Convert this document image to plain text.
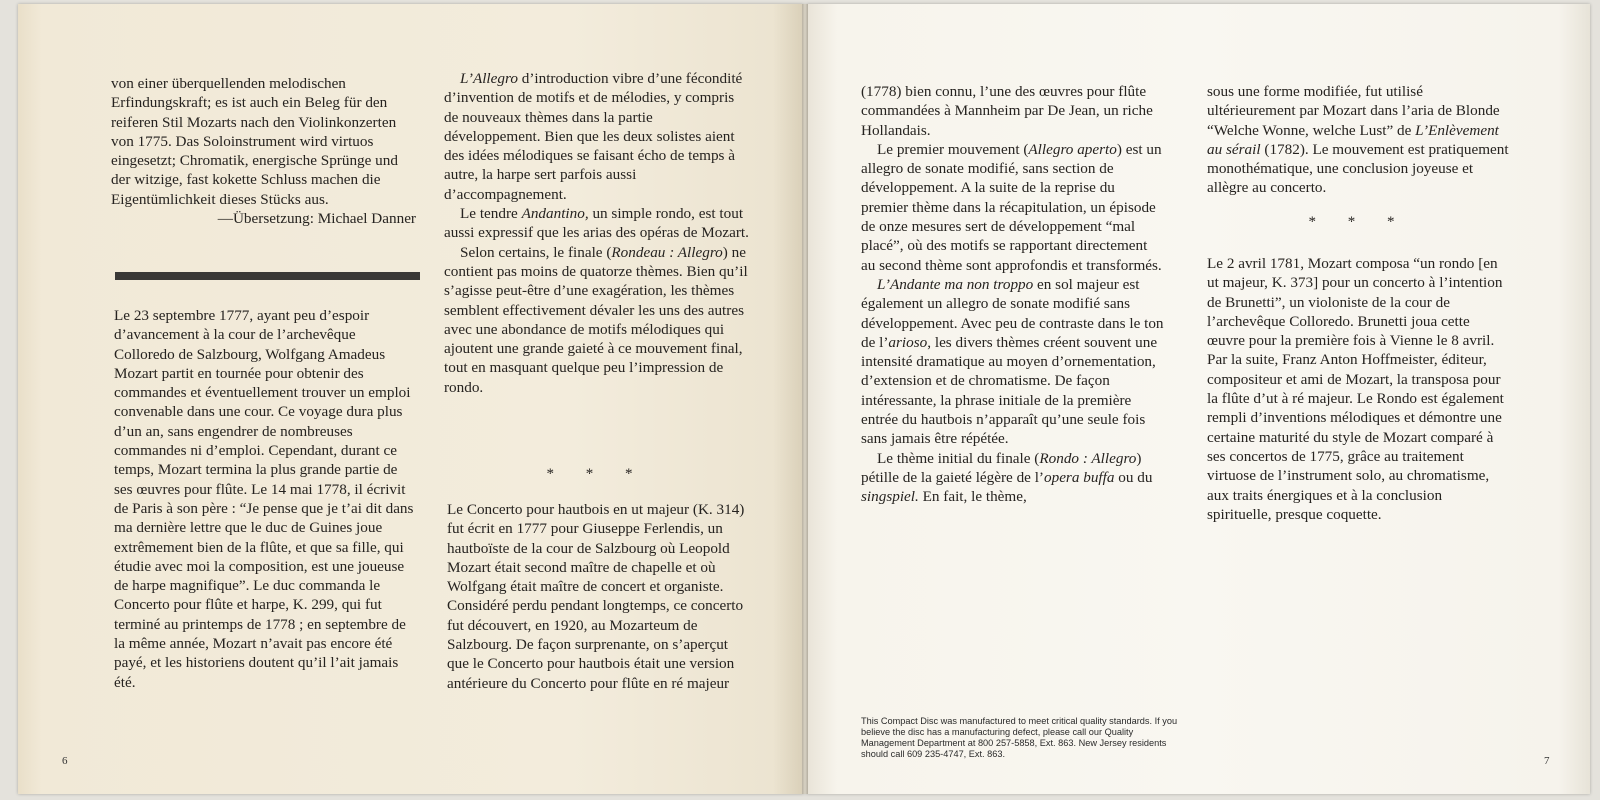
von einer überquellenden melodischen Erfindungskraft; es ist auch ein Beleg für den reiferen Stil Mozarts nach den Violinkonzerten von 1775. Das Soloinstrument wird virtuos eingesetzt; Chromatik, energische Sprünge und der witzige, fast kokette Schluss machen die Eigentümlichkeit dieses Stücks aus.

—Übersetzung: Michael Danner

Le 23 septembre 1777, ayant peu d’espoir d’avancement à la cour de l’archevêque Colloredo de Salzbourg, Wolfgang Amadeus Mozart partit en tournée pour obtenir des commandes et éventuellement trouver un emploi convenable dans une cour. Ce voyage dura plus d’un an, sans engendrer de nombreuses commandes ni d’emploi. Cependant, durant ce temps, Mozart termina la plus grande partie de ses œuvres pour flûte. Le 14 mai 1778, il écrivit de Paris à son père : “Je pense que je t’ai dit dans ma dernière lettre que le duc de Guines joue extrêmement bien de la flûte, et que sa fille, qui étudie avec moi la composition, est une joueuse de harpe magnifique”. Le duc commanda le Concerto pour flûte et harpe, K. 299, qui fut terminé au printemps de 1778 ; en septembre de la même année, Mozart n’avait pas encore été payé, et les historiens doutent qu’il l’ait jamais été.

L’Allegro d’introduction vibre d’une fécondité d’invention de motifs et de mélodies, y compris de nouveaux thèmes dans la partie développement. Bien que les deux solistes aient des idées mélodiques se faisant écho de temps à autre, la harpe sert parfois aussi d’accompagnement.

Le tendre Andantino, un simple rondo, est tout aussi expressif que les arias des opéras de Mozart.

Selon certains, le finale (Rondeau : Allegro) ne contient pas moins de quatorze thèmes. Bien qu’il s’agisse peut-être d’une exagération, les thèmes semblent effectivement dévaler les uns des autres avec une abondance de motifs mélodiques qui ajoutent une grande gaieté à ce mouvement final, tout en masquant quelque peu l’impression de rondo.

* * *

Le Concerto pour hautbois en ut majeur (K. 314) fut écrit en 1777 pour Giuseppe Ferlendis, un hautboïste de la cour de Salzbourg où Leopold Mozart était second maître de chapelle et où Wolfgang était maître de concert et organiste. Considéré perdu pendant longtemps, ce concerto fut découvert, en 1920, au Mozarteum de Salzbourg. De façon surprenante, on s’aperçut que le Concerto pour hautbois était une version antérieure du Concerto pour flûte en ré majeur

6

(1778) bien connu, l’une des œuvres pour flûte commandées à Mannheim par De Jean, un riche Hollandais.

Le premier mouvement (Allegro aperto) est un allegro de sonate modifié, sans section de développement. A la suite de la reprise du premier thème dans la récapitulation, un épisode de onze mesures sert de développement “mal placé”, où des motifs se rapportant directement au second thème sont approfondis et transformés.

L’Andante ma non troppo en sol majeur est également un allegro de sonate modifié sans développement. Avec peu de contraste dans le ton de l’arioso, les divers thèmes créent souvent une intensité dramatique au moyen d’ornementation, d’extension et de chromatisme. De façon intéressante, la phrase initiale de la première entrée du hautbois n’apparaît qu’une seule fois sans jamais être répétée.

Le thème initial du finale (Rondo : Allegro) pétille de la gaieté légère de l’opera buffa ou du singspiel. En fait, le thème,

sous une forme modifiée, fut utilisé ultérieurement par Mozart dans l’aria de Blonde “Welche Wonne, welche Lust” de L’Enlèvement au sérail (1782). Le mouvement est pratiquement monothématique, une conclusion joyeuse et allègre au concerto.

* * *

Le 2 avril 1781, Mozart composa “un rondo [en ut majeur, K. 373] pour un concerto à l’intention de Brunetti”, un violoniste de la cour de l’archevêque Colloredo. Brunetti joua cette œuvre pour la première fois à Vienne le 8 avril. Par la suite, Franz Anton Hoffmeister, éditeur, compositeur et ami de Mozart, la transposa pour la flûte d’ut à ré majeur. Le Rondo est également rempli d’inventions mélodiques et démontre une certaine maturité du style de Mozart comparé à ses concertos de 1775, grâce au traitement virtuose de l’instrument solo, au chromatisme, aux traits énergiques et à la conclusion spirituelle, presque coquette.

This Compact Disc was manufactured to meet critical quality standards. If you believe the disc has a manufacturing defect, please call our Quality Management Department at 800 257-5858, Ext. 863. New Jersey residents should call 609 235-4747, Ext. 863.
7
